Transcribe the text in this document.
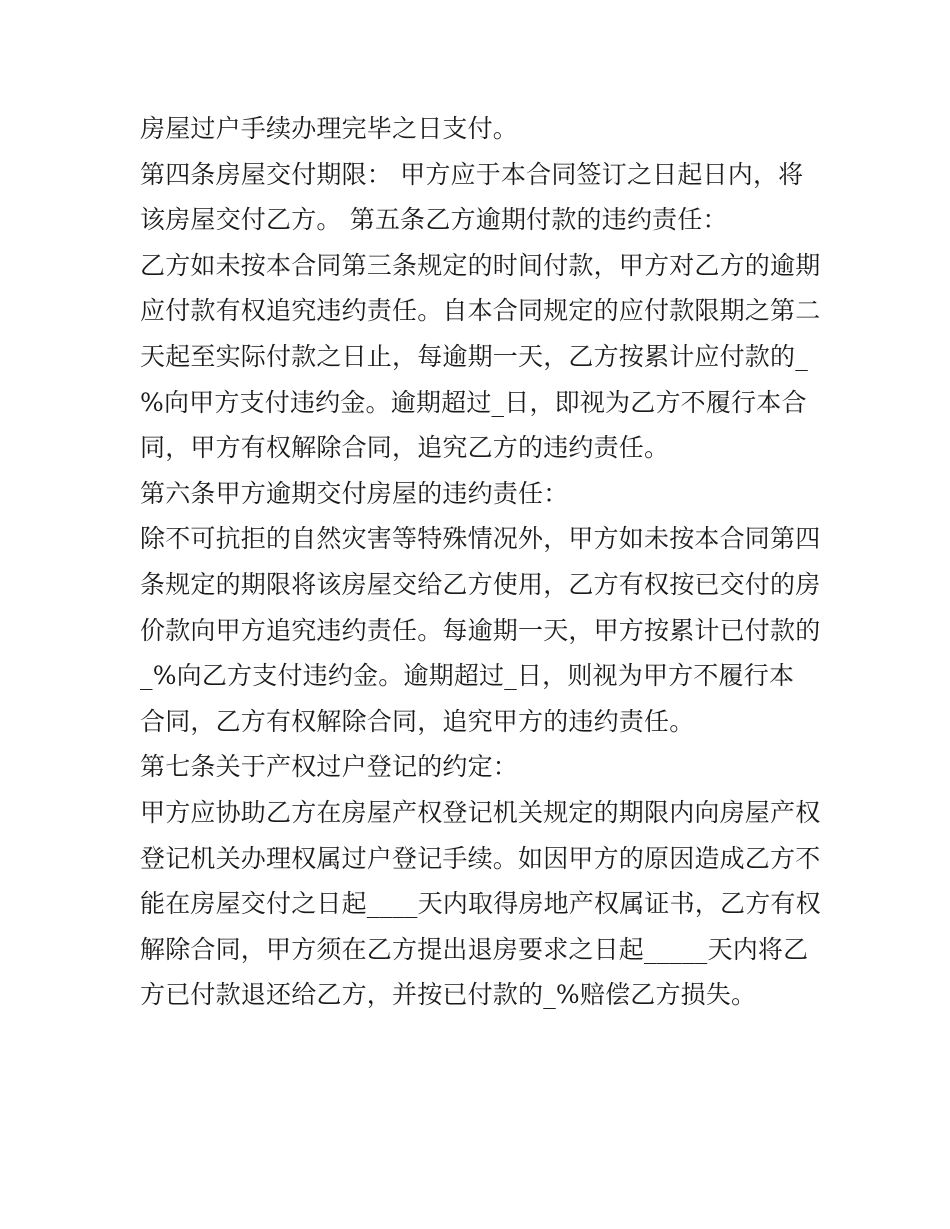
房屋过户手续办理完毕之日支付。
第四条房屋交付期限： 甲方应于本合同签订之日起日内，将
该房屋交付乙方。 第五条乙方逾期付款的违约责任：
乙方如未按本合同第三条规定的时间付款，甲方对乙方的逾期
应付款有权追究违约责任。自本合同规定的应付款限期之第二
天起至实际付款之日止，每逾期一天，乙方按累计应付款的_
%向甲方支付违约金。逾期超过_日，即视为乙方不履行本合
同，甲方有权解除合同，追究乙方的违约责任。
第六条甲方逾期交付房屋的违约责任：
除不可抗拒的自然灾害等特殊情况外，甲方如未按本合同第四
条规定的期限将该房屋交给乙方使用，乙方有权按已交付的房
价款向甲方追究违约责任。每逾期一天，甲方按累计已付款的
_%向乙方支付违约金。逾期超过_日，则视为甲方不履行本
合同，乙方有权解除合同，追究甲方的违约责任。
第七条关于产权过户登记的约定：
甲方应协助乙方在房屋产权登记机关规定的期限内向房屋产权
登记机关办理权属过户登记手续。如因甲方的原因造成乙方不
能在房屋交付之日起____天内取得房地产权属证书，乙方有权
解除合同，甲方须在乙方提出退房要求之日起_____天内将乙
方已付款退还给乙方，并按已付款的_%赔偿乙方损失。
